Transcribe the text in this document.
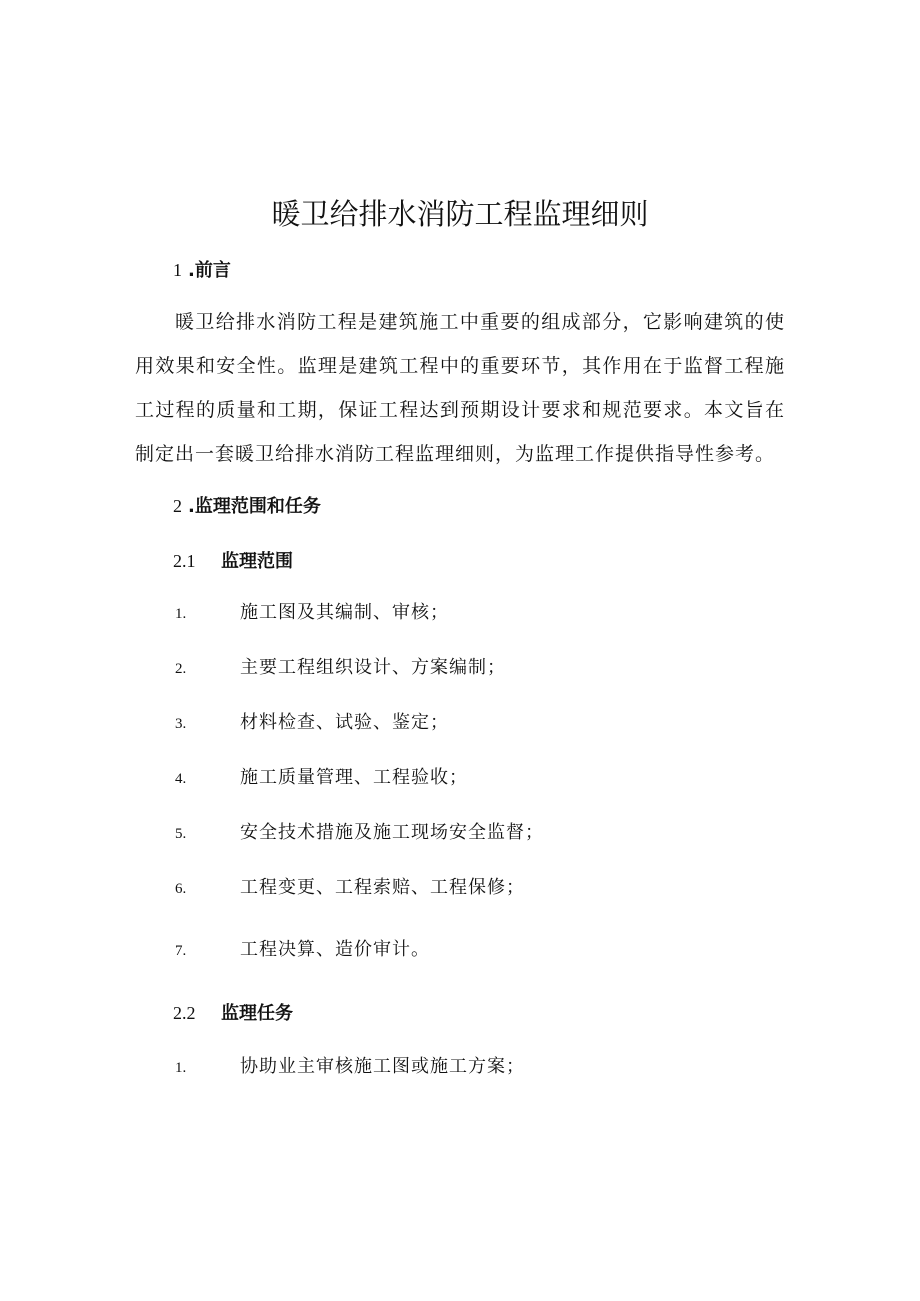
暖卫给排水消防工程监理细则
1 .前言
暖卫给排水消防工程是建筑施工中重要的组成部分，它影响建筑的使用效果和安全性。监理是建筑工程中的重要环节，其作用在于监督工程施工过程的质量和工期，保证工程达到预期设计要求和规范要求。本文旨在制定出一套暖卫给排水消防工程监理细则，为监理工作提供指导性参考。
2 .监理范围和任务
2.1 监理范围
1.	施工图及其编制、审核；
2.	主要工程组织设计、方案编制；
3.	材料检查、试验、鉴定；
4.	施工质量管理、工程验收；
5.	安全技术措施及施工现场安全监督；
6.	工程变更、工程索赔、工程保修；
7.	工程决算、造价审计。
2.2 监理任务
1.	协助业主审核施工图或施工方案；
